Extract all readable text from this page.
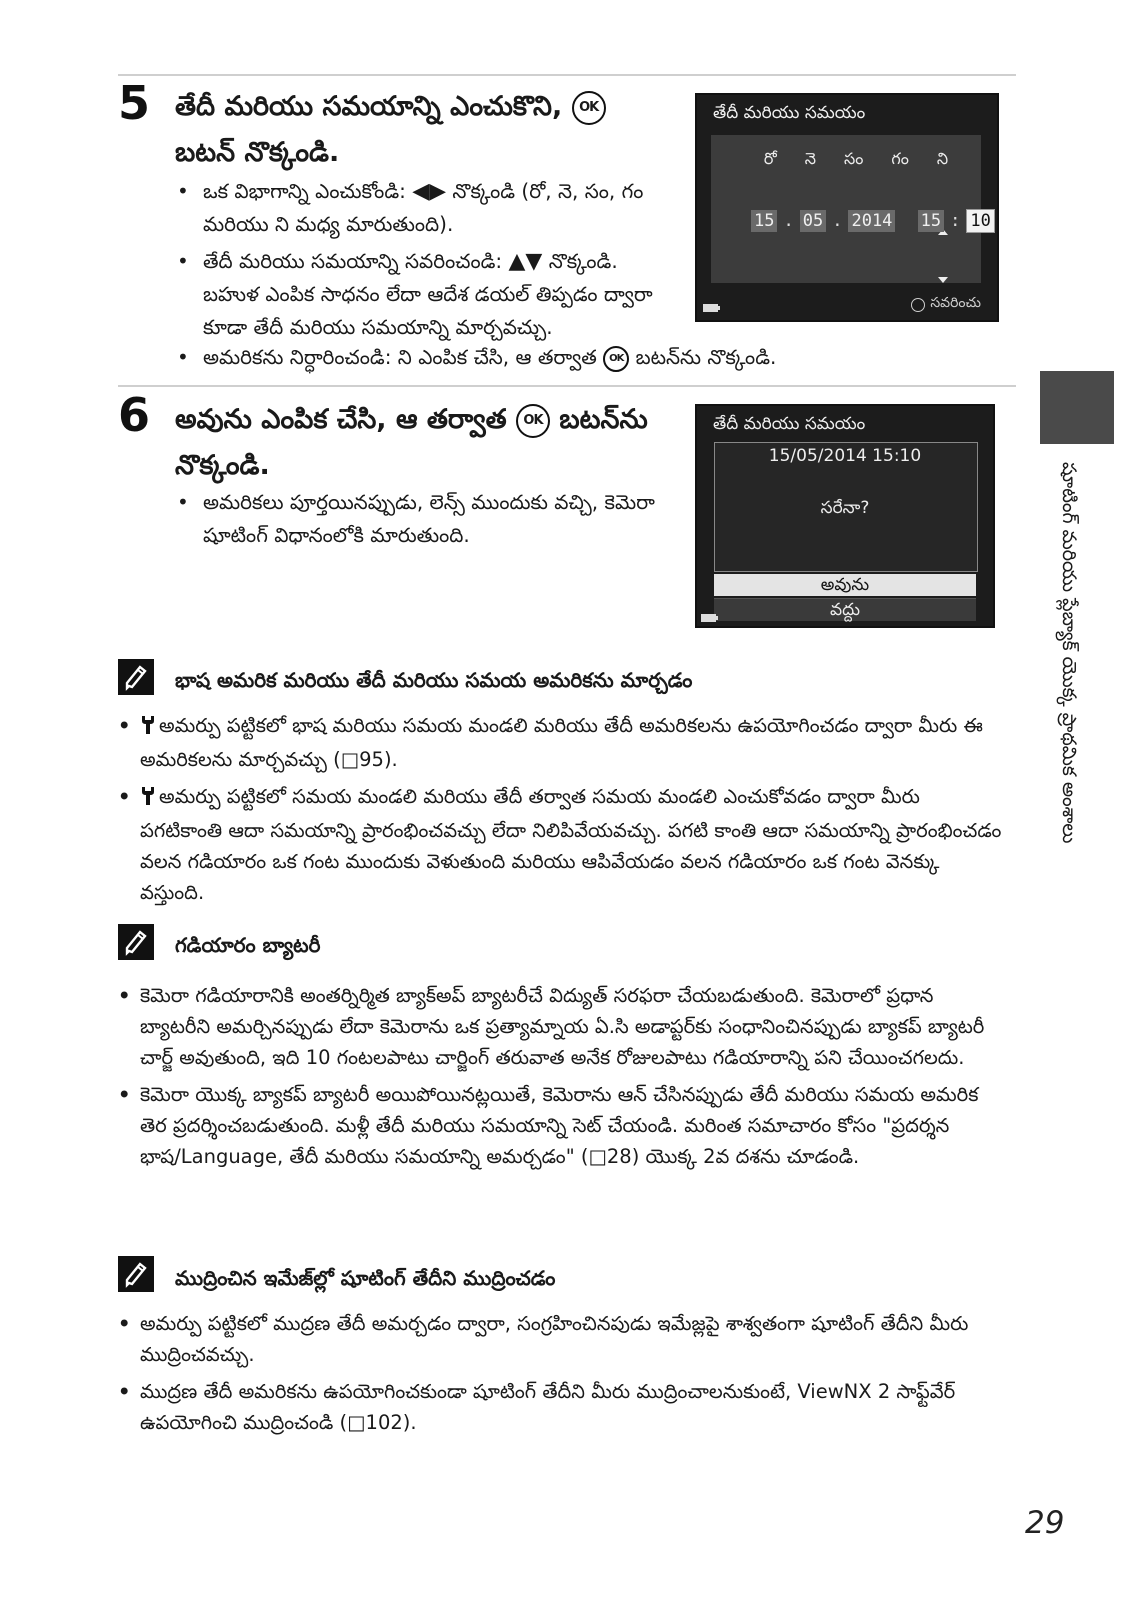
5 తేదీ మరియు సమయాన్ని ఎంచుకొని, OK
బటన్ నొక్కండి.
• ఒక విభాగాన్ని ఎంచుకోండి: ◀▶ నొక్కండి (రో, నె, సం, గం మరియు ని మధ్య మారుతుంది).
• తేదీ మరియు సమయాన్ని సవరించండి: ▲▼ నొక్కండి. బహుళ ఎంపిక సాధనం లేదా ఆదేశ డయల్ తిప్పడం ద్వారా కూడా తేదీ మరియు సమయాన్ని మార్చవచ్చు.
• అమరికను నిర్ధారించండి: ని ఎంపిక చేసి, ఆ తర్వాత OK బటన్‌ను నొక్కండి.
తేదీ మరియు సమయం
రో నె సం గం ని
15 . 05 . 2014
15 : 10
సవరించు
6 అవును ఎంపిక చేసి, ఆ తర్వాత OK బటన్‌ను నొక్కండి.
• అమరికలు పూర్తయినప్పుడు, లెన్స్ ముందుకు వచ్చి, కెమెరా షూటింగ్ విధానంలోకి మారుతుంది.
తేదీ మరియు సమయం
15/05/2014 15:10
సరేనా?
అవును
వద్దు
భాష అమరిక మరియు తేదీ మరియు సమయ అమరికను మార్చడం
• అమర్పు పట్టికలో భాష మరియు సమయ మండలి మరియు తేదీ అమరికలను ఉపయోగించడం ద్వారా మీరు ఈ అమరికలను మార్చవచ్చు (□95).
• అమర్పు పట్టికలో సమయ మండలి మరియు తేదీ తర్వాత సమయ మండలి ఎంచుకోవడం ద్వారా మీరు పగటికాంతి ఆదా సమయాన్ని ప్రారంభించవచ్చు లేదా నిలిపివేయవచ్చు. పగటి కాంతి ఆదా సమయాన్ని ప్రారంభించడం వలన గడియారం ఒక గంట ముందుకు వెళుతుంది మరియు ఆపివేయడం వలన గడియారం ఒక గంట వెనక్కు వస్తుంది.
గడియారం బ్యాటరీ
• కెమెరా గడియారానికి అంతర్నిర్మిత బ్యాక్అప్ బ్యాటరీచే విద్యుత్ సరఫరా చేయబడుతుంది. కెమెరాలో ప్రధాన బ్యాటరీని అమర్చినప్పుడు లేదా కెమెరాను ఒక ప్రత్యామ్నాయ ఏ.సి అడాప్టర్‌కు సంధానించినప్పుడు బ్యాకప్ బ్యాటరీ చార్జ్ అవుతుంది, ఇది 10 గంటలపాటు చార్జింగ్ తరువాత అనేక రోజులపాటు గడియారాన్ని పని చేయించగలదు.
• కెమెరా యొక్క బ్యాకప్ బ్యాటరీ అయిపోయినట్లయితే, కెమెరాను ఆన్ చేసినప్పుడు తేదీ మరియు సమయ అమరిక తెర ప్రదర్శించబడుతుంది. మళ్లీ తేదీ మరియు సమయాన్ని సెట్ చేయండి. మరింత సమాచారం కోసం "ప్రదర్శన భాష/Language, తేదీ మరియు సమయాన్ని అమర్చడం" (□28) యొక్క 2వ దశను చూడండి.
ముద్రించిన ఇమేజ్‌ల్లో షూటింగ్ తేదీని ముద్రించడం
• అమర్పు పట్టికలో ముద్రణ తేదీ అమర్చడం ద్వారా, సంగ్రహించినపుడు ఇమేజ్లపై శాశ్వతంగా షూటింగ్ తేదీని మీరు ముద్రించవచ్చు.
• ముద్రణ తేదీ అమరికను ఉపయోగించకుండా షూటింగ్ తేదీని మీరు ముద్రించాలనుకుంటే, ViewNX 2 సాఫ్ట్‌వేర్ ఉపయోగించి ముద్రించండి (□102).
షూటింగ్ మరియు ప్లేబ్యాక్ యొక్క ప్రాథమిక అంశాలు
29
